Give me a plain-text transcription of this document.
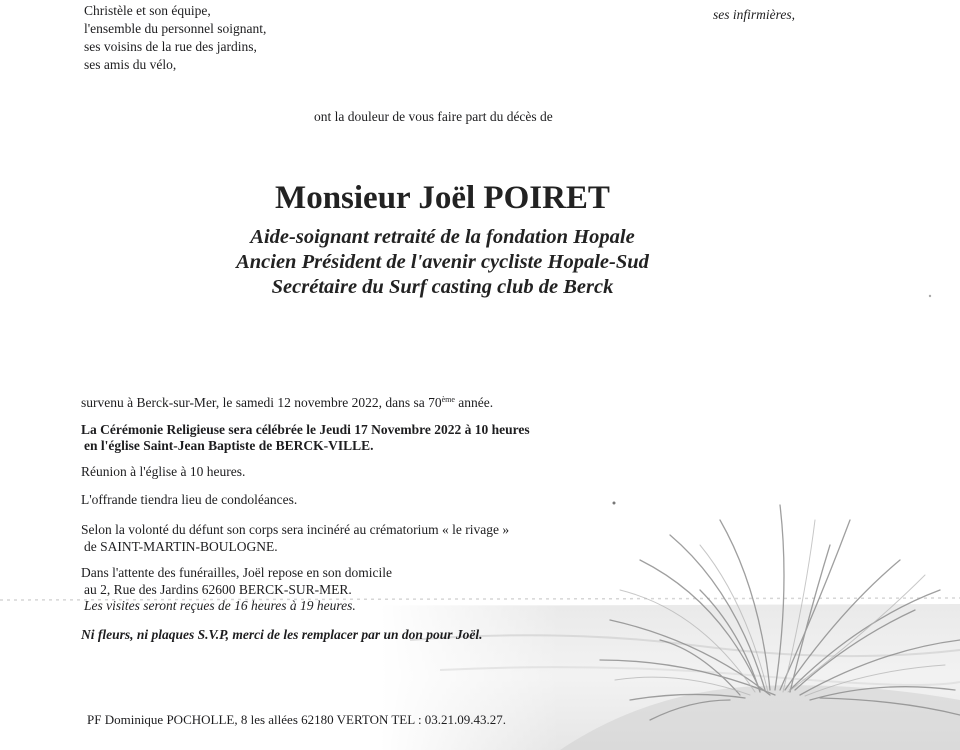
Christèle et son équipe,
l'ensemble du personnel soignant,
ses voisins de la rue des jardins,
ses amis du vélo,
ses infirmières,
ont la douleur de vous faire part du décès de
Monsieur Joël POIRET
Aide-soignant retraité de la fondation Hopale
Ancien Président de l'avenir cycliste Hopale-Sud
Secrétaire du Surf casting club de Berck
survenu à Berck-sur-Mer, le samedi 12 novembre 2022, dans sa 70ème année.
La Cérémonie Religieuse sera célébrée le Jeudi 17 Novembre 2022 à 10 heures
en l'église Saint-Jean Baptiste de BERCK-VILLE.
Réunion à l'église à 10 heures.
L'offrande tiendra lieu de condoléances.
Selon la volonté du défunt son corps sera incinéré au crématorium « le rivage »
de SAINT-MARTIN-BOULOGNE.
Dans l'attente des funérailles, Joël repose en son domicile
au 2, Rue des Jardins 62600 BERCK-SUR-MER.
Les visites seront reçues de 16 heures à 19 heures.
Ni fleurs, ni plaques S.V.P, merci de les remplacer par un don pour Joël.
PF Dominique POCHOLLE, 8 les allées 62180 VERTON TEL : 03.21.09.43.27.
